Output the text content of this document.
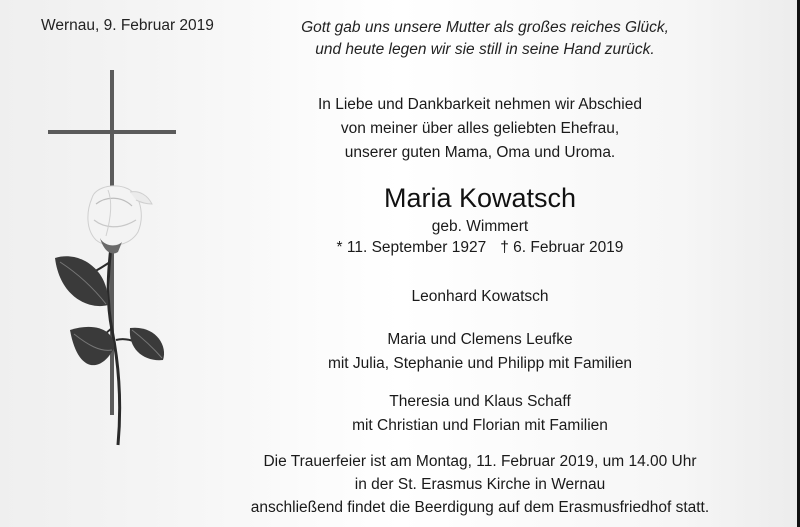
Wernau, 9. Februar 2019	Gott gab uns unsere Mutter als großes reiches Glück,
und heute legen wir sie still in seine Hand zurück.
In Liebe und Dankbarkeit nehmen wir Abschied
von meiner über alles geliebten Ehefrau,
unserer guten Mama, Oma und Uroma.
Maria Kowatsch
geb. Wimmert
* 11. September 1927 † 6. Februar 2019
Leonhard Kowatsch
Maria und Clemens Leufke
mit Julia, Stephanie und Philipp mit Familien
Theresia und Klaus Schaff
mit Christian und Florian mit Familien
Die Trauerfeier ist am Montag, 11. Februar 2019, um 14.00 Uhr
in der St. Erasmus Kirche in Wernau
anschließend findet die Beerdigung auf dem Erasmusfriedhof statt.
